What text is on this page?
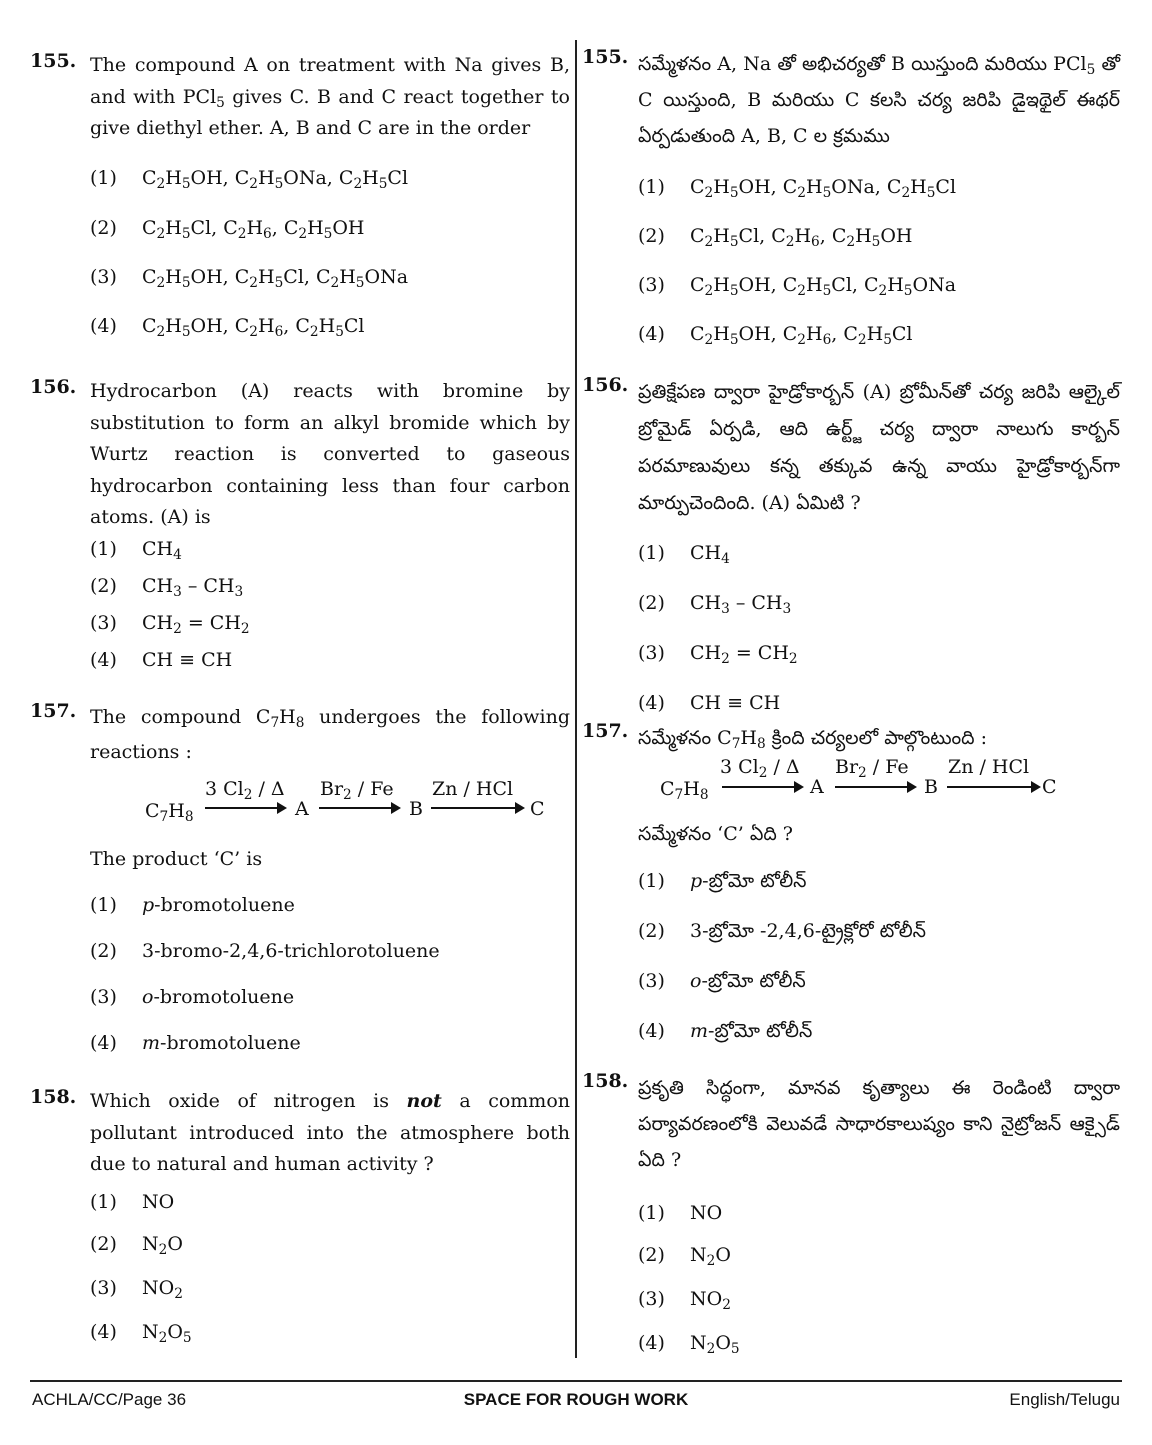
155. The compound A on treatment with Na gives B, and with PCl$_5$ gives C. B and C react together to give diethyl ether. A, B and C are in the order
(1) $C_2H_5OH$, $C_2H_5ONa$, $C_2H_5Cl$
(2) $C_2H_5Cl$, $C_2H_6$, $C_2H_5OH$
(3) $C_2H_5OH$, $C_2H_5Cl$, $C_2H_5ONa$
(4) $C_2H_5OH$, $C_2H_6$, $C_2H_5Cl$
156. Hydrocarbon (A) reacts with bromine by substitution to form an alkyl bromide which by Wurtz reaction is converted to gaseous hydrocarbon containing less than four carbon atoms. (A) is
(1) $CH_4$
(2) $CH_3 - CH_3$
(3) $CH_2 = CH_2$
(4) CH ≡ CH
157. The compound $C_7H_8$ undergoes the following reactions :
$C_7H_8$
3 $Cl_2$ / Δ
A
$Br_2$ / Fe
B
Zn / HCl
C
The product ‘C’ is
(1) p-bromotoluene
(2) 3-bromo-2,4,6-trichlorotoluene
(3) o-bromotoluene
(4) m-bromotoluene
158. Which oxide of nitrogen is not a common pollutant introduced into the atmosphere both due to natural and human activity ?
(1) NO
(2) $N_2O$
(3) $NO_2$
(4) $N_2O_5$
155. సమ్మేళనం A, Na తో అభిచర్యతో B యిస్తుంది మరియు PCl$_5$ తో C యిస్తుంది, B మరియు C కలసి చర్య జరిపి డైఇథైల్ ఈథర్ ఏర్పడుతుంది A, B, C ల క్రమము
(1) $C_2H_5OH$, $C_2H_5ONa$, $C_2H_5Cl$
(2) $C_2H_5Cl$, $C_2H_6$, $C_2H_5OH$
(3) $C_2H_5OH$, $C_2H_5Cl$, $C_2H_5ONa$
(4) $C_2H_5OH$, $C_2H_6$, $C_2H_5Cl$
156. ప్రతిక్షేపణ ద్వారా హైడ్రోకార్బన్ (A) బ్రోమీన్‌తో చర్య జరిపి ఆల్కైల్ బ్రోమైడ్ ఏర్పడి, ఆది ఉర్ట్జ్ చర్య ద్వారా నాలుగు కార్బన్ పరమాణువులు కన్న తక్కువ ఉన్న వాయు హైడ్రోకార్బన్‌గా మార్పుచెందింది. (A) ఏమిటి ?
(1) $CH_4$
(2) $CH_3 - CH_3$
(3) $CH_2 = CH_2$
(4) CH ≡ CH
157. సమ్మేళనం $C_7H_8$ క్రింది చర్యలలో పాల్గొంటుంది :
$C_7H_8$
3 $Cl_2$ / Δ
A
$Br_2$ / Fe
B
Zn / HCl
C
సమ్మేళనం ‘C’ ఏది ?
(1) p-బ్రోమో టోలీన్
(2) 3-బ్రోమో -2,4,6-ట్రైక్లోరో టోలీన్
(3) o-బ్రోమో టోలీన్
(4) m-బ్రోమో టోలీన్
158. ప్రకృతి సిద్ధంగా, మానవ కృత్యాలు ఈ రెండింటి ద్వారా పర్యావరణంలోకి వెలువడే సాధారకాలుష్యం కాని నైట్రోజన్ ఆక్సైడ్ ఏది ?
(1) NO
(2) $N_2O$
(3) $NO_2$
(4) $N_2O_5$
ACHLA/CC/Page 36	SPACE FOR ROUGH WORK	English/Telugu
